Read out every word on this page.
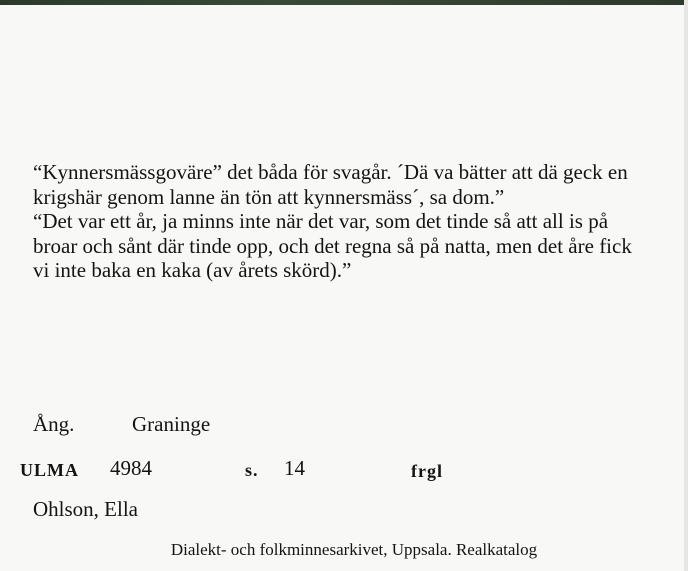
“Kynnersmässgoväre” det båda för svagår. ´Dä va bätter att dä geck en krigshär genom lanne än tön att kynnersmäss´, sa dom.”

“Det var ett år, ja minns inte när det var, som det tinde så att all is på broar och sånt där tinde opp, och det regna så på natta, men det åre fick vi inte baka en kaka (av årets skörd).”

Ång.	Graninge
ULMA 4984	s. 14	frgl
Ohlson, Ella
Dialekt- och folkminnesarkivet, Uppsala. Realkatalog
